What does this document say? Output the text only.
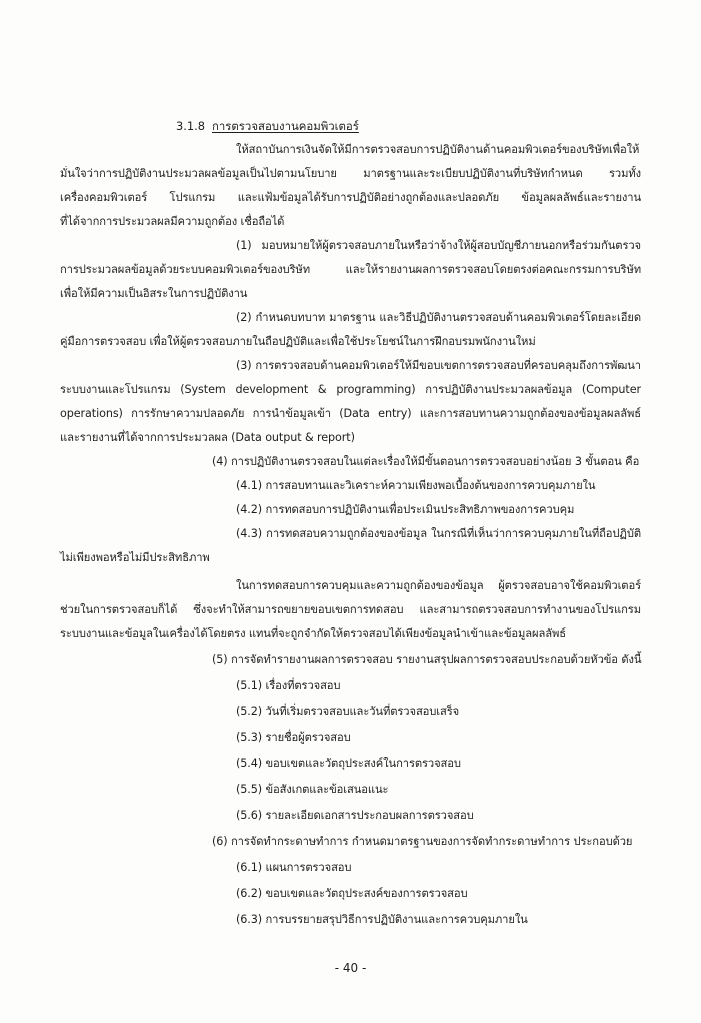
3.1.8 การตรวจสอบงานคอมพิวเตอร์
ให้สถาบันการเงินจัดให้มีการตรวจสอบการปฏิบัติงานด้านคอมพิวเตอร์ของบริษัทเพื่อให้
มั่นใจว่าการปฏิบัติงานประมวลผลข้อมูลเป็นไปตามนโยบาย มาตรฐานและระเบียบปฏิบัติงานที่บริษัทกำหนด รวมทั้ง
เครื่องคอมพิวเตอร์ โปรแกรม และแฟ้มข้อมูลได้รับการปฏิบัติอย่างถูกต้องและปลอดภัย ข้อมูลผลลัพธ์และรายงาน
ที่ได้จากการประมวลผลมีความถูกต้อง เชื่อถือได้
(1) มอบหมายให้ผู้ตรวจสอบภายในหรือว่าจ้างให้ผู้สอบบัญชีภายนอกหรือร่วมกันตรวจ
การประมวลผลข้อมูลด้วยระบบคอมพิวเตอร์ของบริษัท และให้รายงานผลการตรวจสอบโดยตรงต่อคณะกรรมการบริษัท
เพื่อให้มีความเป็นอิสระในการปฏิบัติงาน
(2) กำหนดบทบาท มาตรฐาน และวิธีปฏิบัติงานตรวจสอบด้านคอมพิวเตอร์โดยละเอียด
คู่มือการตรวจสอบ เพื่อให้ผู้ตรวจสอบภายในถือปฏิบัติและเพื่อใช้ประโยชน์ในการฝึกอบรมพนักงานใหม่
(3) การตรวจสอบด้านคอมพิวเตอร์ให้มีขอบเขตการตรวจสอบที่ครอบคลุมถึงการพัฒนา
ระบบงานและโปรแกรม (System development & programming) การปฏิบัติงานประมวลผลข้อมูล (Computer
operations) การรักษาความปลอดภัย การนำข้อมูลเข้า (Data entry) และการสอบทานความถูกต้องของข้อมูลผลลัพธ์
และรายงานที่ได้จากการประมวลผล (Data output & report)
(4) การปฏิบัติงานตรวจสอบในแต่ละเรื่องให้มีขั้นตอนการตรวจสอบอย่างน้อย 3 ขั้นตอน คือ
(4.1) การสอบทานและวิเคราะห์ความเพียงพอเบื้องต้นของการควบคุมภายใน
(4.2) การทดสอบการปฏิบัติงานเพื่อประเมินประสิทธิภาพของการควบคุม
(4.3) การทดสอบความถูกต้องของข้อมูล ในกรณีที่เห็นว่าการควบคุมภายในที่ถือปฏิบัติ
ไม่เพียงพอหรือไม่มีประสิทธิภาพ
ในการทดสอบการควบคุมและความถูกต้องของข้อมูล ผู้ตรวจสอบอาจใช้คอมพิวเตอร์
ช่วยในการตรวจสอบก็ได้ ซึ่งจะทำให้สามารถขยายขอบเขตการทดสอบ และสามารถตรวจสอบการทำงานของโปรแกรม
ระบบงานและข้อมูลในเครื่องได้โดยตรง แทนที่จะถูกจำกัดให้ตรวจสอบได้เพียงข้อมูลนำเข้าและข้อมูลผลลัพธ์
(5) การจัดทำรายงานผลการตรวจสอบ รายงานสรุปผลการตรวจสอบประกอบด้วยหัวข้อ ดังนี้
(5.1) เรื่องที่ตรวจสอบ
(5.2) วันที่เริ่มตรวจสอบและวันที่ตรวจสอบเสร็จ
(5.3) รายชื่อผู้ตรวจสอบ
(5.4) ขอบเขตและวัตถุประสงค์ในการตรวจสอบ
(5.5) ข้อสังเกตและข้อเสนอแนะ
(5.6) รายละเอียดเอกสารประกอบผลการตรวจสอบ
(6) การจัดทำกระดาษทำการ กำหนดมาตรฐานของการจัดทำกระดาษทำการ ประกอบด้วย
(6.1) แผนการตรวจสอบ
(6.2) ขอบเขตและวัตถุประสงค์ของการตรวจสอบ
(6.3) การบรรยายสรุปวิธีการปฏิบัติงานและการควบคุมภายใน
- 40 -
